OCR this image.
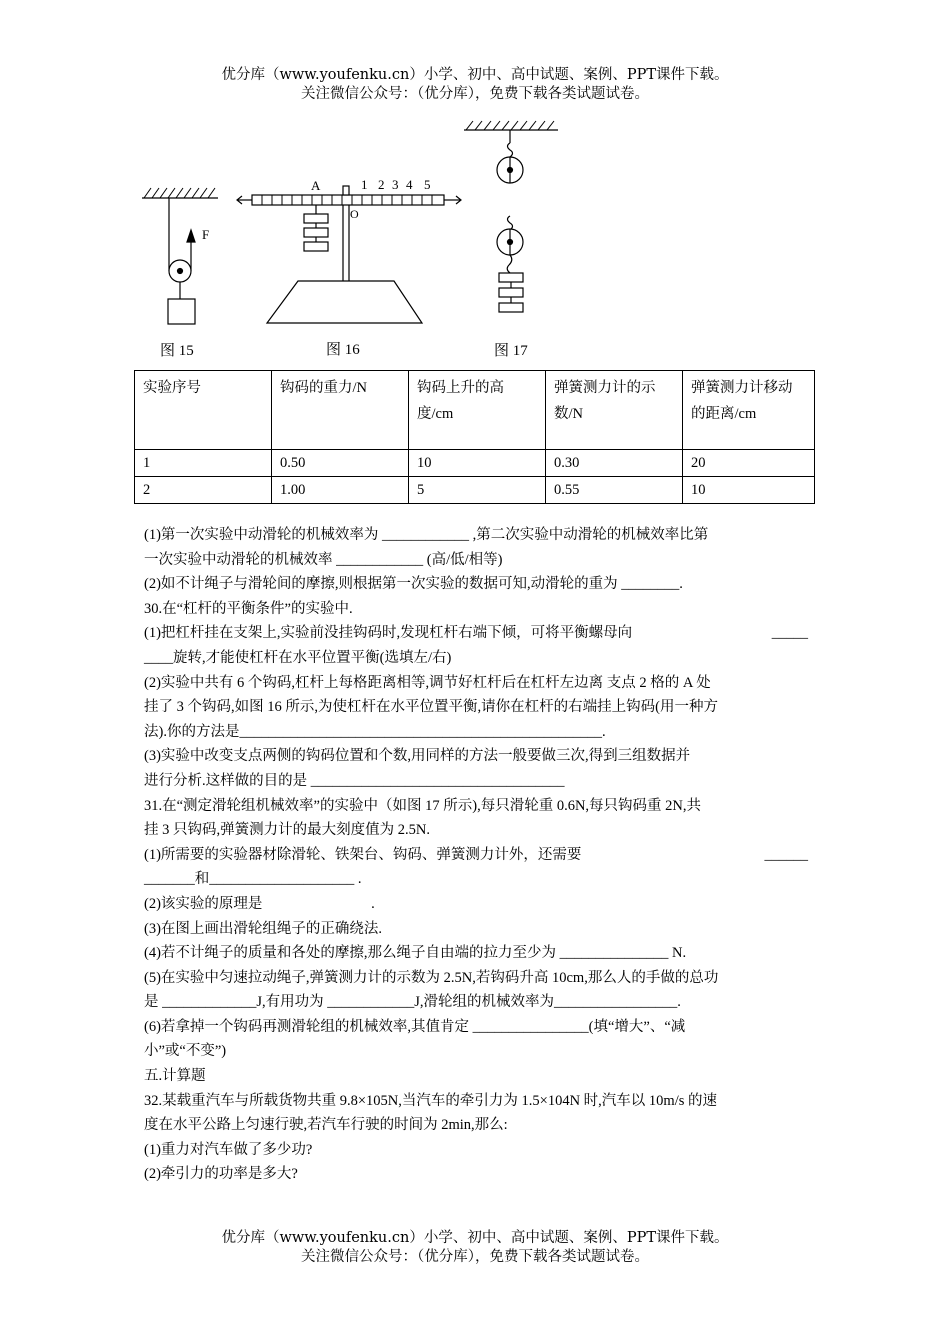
优分库（www.youfenku.cn）小学、初中、高中试题、案例、PPT课件下载。
关注微信公众号：（优分库），免费下载各类试题试卷。
F
图 15
A	1 2 3 4 5
O
图 16	图 17
实验序号	钩码的重力/N	钩码上升的高度/cm	弹簧测力计的示数/N	弹簧测力计移动的距离/cm
1	0.50	10	0.30	20
2	1.00	5	0.55	10

(1)第一次实验中动滑轮的机械效率为 ____________ ,第二次实验中动滑轮的机械效率比第

一次实验中动滑轮的机械效率 ____________ (高/低/相等)

(2)如不计绳子与滑轮间的摩擦,则根据第一次实验的数据可知,动滑轮的重为 ________.

30.在“杠杆的平衡条件”的实验中.

(1)把杠杆挂在支架上,实验前没挂钩码时,发现杠杆右端下倾，可将平衡螺母向	_____

____旋转,才能使杠杆在水平位置平衡(选填左/右)

(2)实验中共有 6 个钩码,杠杆上每格距离相等,调节好杠杆后在杠杆左边离 支点 2 格的 A 处

挂了 3 个钩码,如图 16 所示,为使杠杆在水平位置平衡,请你在杠杆的右端挂上钩码(用一种方

法).你的方法是__________________________________________________.

(3)实验中改变支点两侧的钩码位置和个数,用同样的方法一般要做三次,得到三组数据并

进行分析.这样做的目的是 ___________________________________

31.在“测定滑轮组机械效率”的实验中（如图 17 所示),每只滑轮重 0.6N,每只钩码重 2N,共

挂 3 只钩码,弹簧测力计的最大刻度值为 2.5N.

(1)所需要的实验器材除滑轮、铁架台、钩码、弹簧测力计外，还需要	______

_______和____________________ .

(2)该实验的原理是                              .

(3)在图上画出滑轮组绳子的正确绕法.

(4)若不计绳子的质量和各处的摩擦,那么绳子自由端的拉力至少为 _______________ N.

(5)在实验中匀速拉动绳子,弹簧测力计的示数为 2.5N,若钩码升高 10cm,那么人的手做的总功

是 _____________J,有用功为 ____________J,滑轮组的机械效率为_________________.

(6)若拿掉一个钩码再测滑轮组的机械效率,其值肯定 ________________(填“增大”、“减

小”或“不变”)

五.计算题

32.某载重汽车与所载货物共重 9.8×105N,当汽车的牵引力为 1.5×104N 时,汽车以 10m/s 的速

度在水平公路上匀速行驶,若汽车行驶的时间为 2min,那么:

(1)重力对汽车做了多少功?

(2)牵引力的功率是多大?

优分库（www.youfenku.cn）小学、初中、高中试题、案例、PPT课件下载。
关注微信公众号：（优分库），免费下载各类试题试卷。
